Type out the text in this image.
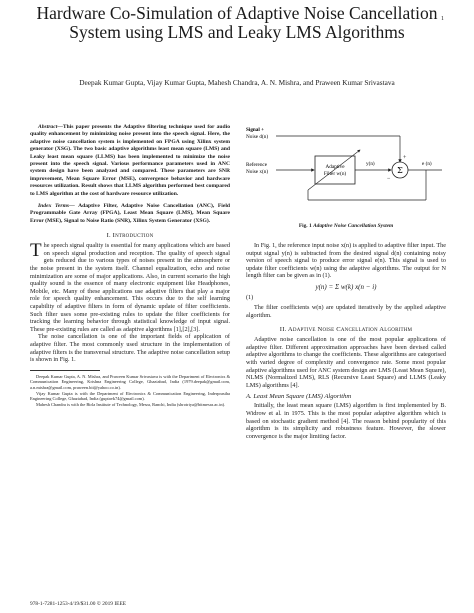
1
Hardware Co-Simulation of Adaptive Noise Cancellation System using LMS and Leaky LMS Algorithms
Deepak Kumar Gupta, Vijay Kumar Gupta, Mahesh Chandra, A. N. Mishra, and Praween Kumar Srivastava

Abstract—This paper presents the Adaptive filtering technique used for audio quality enhancement by minimizing noise present into the speech signal. Here, the adaptive noise cancellation system is implemented on FPGA using Xilinx system generator (XSG). The two basic adaptive algorithms least mean square (LMS) and Leaky least mean square (LLMS) has been implemented to minimize the noise present into the speech signal. Various performance parameters used in ANC system design have been analyzed and compared. These parameters are SNR improvement, Mean Square Error (MSE), convergence behavior and hardware resources utilization. Result shows that LLMS algorithm performed best compared to LMS algorithm at the cost of hardware resource utilization.

Index Terms— Adaptive Filter, Adaptive Noise Cancellation (ANC), Field Programmable Gate Array (FPGA), Least Mean Square (LMS), Mean Square Error (MSE), Signal to Noise Ratio (SNR), Xilinx System Generator (XSG).

I. Introduction

The speech signal quality is essential for many applications which are based on speech signal production and reception. The quality of speech signal gets reduced due to various types of noises present in the atmosphere or the noise present in the system itself. Channel equalization, echo and noise minimization are some of major applications. Also, in current scenario the high quality sound is the essence of many electronic equipment like Headphones, Mobile, etc. Many of these applications use adaptive filters that play a major role for speech quality enhancement. This occurs due to the self learning capability of adaptive filters in form of dynamic update of filter coefficients. Such filter uses some pre-existing rules to update the filter coefficients for tracking the learning behavior through statistical knowledge of input signal. These pre-existing rules are called as adaptive algorithms [1],[2],[3].

The noise cancellation is one of the important fields of application of adaptive filter. The most commonly used structure in the implementation of adaptive filters is the transversal structure. The adaptive noise cancellation setup is shown in Fig. 1.

Deepak Kumar Gupta, A. N. Mishra, and Praween Kumar Srivastava is with the Department of Electronics & Communication Engineering, Krishna Engineering College, Ghaziabad, India (1979.deepak@gmail.com, a.n.mishra@gmail.com, praween.bit@yahoo.co.in).

Vijay Kumar Gupta is with the Department of Electronics & Communication Engineering, Inderprastha Engineering College, Ghaziabad, India (guptavk74@gmail.com).

Mahesh Chandra is with the Birla Institute of Technology, Mesra, Ranchi, India (shrotriya@bitmesra.ac.in).

978-1-7281-1253-4/19/$31.00 © 2019 IEEE
Signal +
Noise d(n)
Reference
Noise x(n)
Adaptive
Filter w(n)
y(n)
Σ
+
−
e (n)
Fig. 1 Adaptive Noise Cancellation System

In Fig. 1, the reference input noise x(n) is applied to adaptive filter input. The output signal y(n) is subtracted from the desired signal d(n) containing noisy version of speech signal to produce error signal e(n). This signal is used to update filter coefficients w(n) using the adaptive algorithms. The output for N length filter can be given as in (1).

y(n) = Σ w(k) x(n − i)
(1)

The filter coefficients w(n) are updated iteratively by the applied adaptive algorithm.

II. Adaptive Noise Cancellation Algorithm

Adaptive noise cancellation is one of the most popular applications of adaptive filter. Different approximation approaches have been devised called adaptive algorithms to change the coefficients. These algorithms are categorised with varied degree of complexity and convergence rate. Some most popular adaptive algorithms used for ANC system design are LMS (Least Mean Square), NLMS (Normalized LMS), RLS (Recursive Least Square) and LLMS (Leaky LMS) algorithms [4].

A. Least Mean Square (LMS) Algorithm

Initially, the least mean square (LMS) algorithm is first implemented by B. Widrow et al. in 1975. This is the most popular adaptive algorithm which is based on stochastic gradient method [4]. The reason behind popularity of this algorithm is its simplicity and robustness feature. However, the slower convergence is the major limiting factor.
